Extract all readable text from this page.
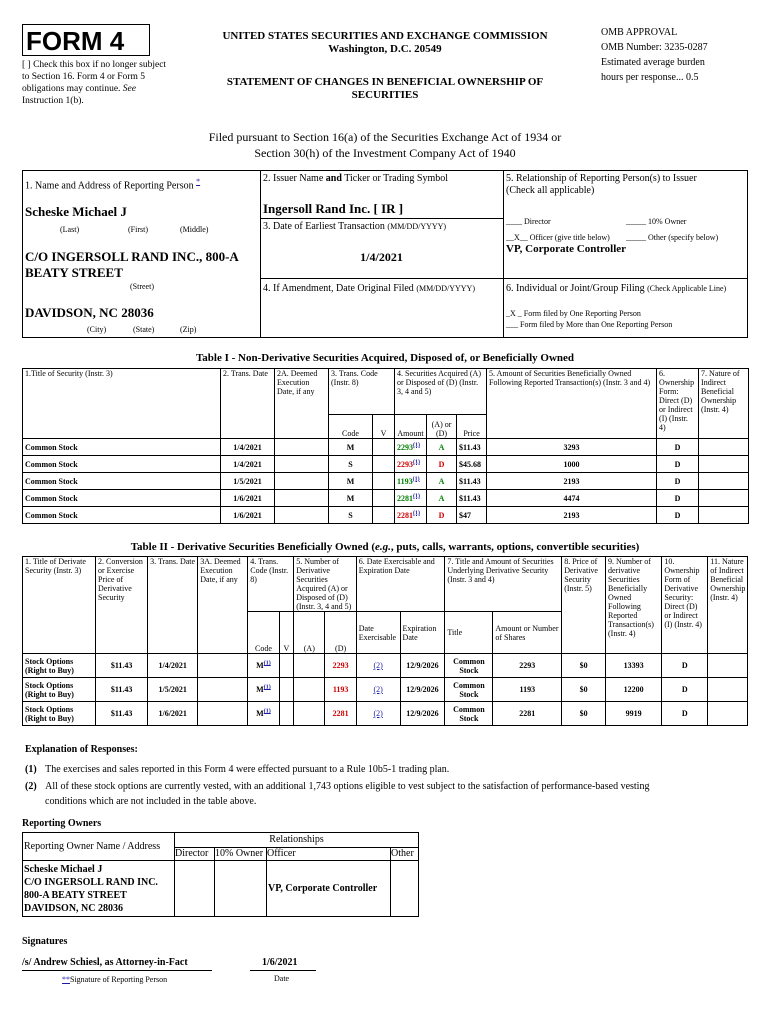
FORM 4
[ ] Check this box if no longer subject to Section 16. Form 4 or Form 5 obligations may continue. See Instruction 1(b).
UNITED STATES SECURITIES AND EXCHANGE COMMISSION
Washington, D.C. 20549
STATEMENT OF CHANGES IN BENEFICIAL OWNERSHIP OF
SECURITIES
OMB APPROVAL
OMB Number: 3235-0287
Estimated average burden
hours per response... 0.5
Filed pursuant to Section 16(a) of the Securities Exchange Act of 1934 or
Section 30(h) of the Investment Company Act of 1940
1. Name and Address of Reporting Person *
Scheske Michael J
(Last)	(First)	(Middle)
C/O INGERSOLL RAND INC., 800-A
BEATY STREET
(Street)
DAVIDSON, NC 28036
(City)	(State)	(Zip)
2. Issuer Name and Ticker or Trading Symbol
Ingersoll Rand Inc. [ IR ]
3. Date of Earliest Transaction (MM/DD/YYYY)
1/4/2021
4. If Amendment, Date Original Filed (MM/DD/YYYY)
5. Relationship of Reporting Person(s) to Issuer
(Check all applicable)
____ Director	_____ 10% Owner
__X__ Officer (give title below) _____ Other (specify below)
VP, Corporate Controller
6. Individual or Joint/Group Filing (Check Applicable Line)
_X _ Form filed by One Reporting Person
___ Form filed by More than One Reporting Person
Table I - Non-Derivative Securities Acquired, Disposed of, or Beneficially Owned
1.Title of Security (Instr. 3)	2. Trans. Date	2A. Deemed Execution Date, if any	3. Trans. Code (Instr. 8)		4. Securities Acquired (A) or Disposed of (D) (Instr. 3, 4 and 5)			5. Amount of Securities Beneficially Owned Following Reported Transaction(s) (Instr. 3 and 4)	6. Ownership Form: Direct (D) or Indirect (I) (Instr. 4)	7. Nature of Indirect Beneficial Ownership (Instr. 4)
			Code	V	Amount	(A) or (D)	Price			
Common Stock	1/4/2021		M		2293$^{(1)}$	A	$11.43	3293	D	
Common Stock	1/4/2021		S		2293$^{(1)}$	D	$45.68	1000	D	
Common Stock	1/5/2021		M		1193$^{(1)}$	A	$11.43	2193	D	
Common Stock	1/6/2021		M		2281$^{(1)}$	A	$11.43	4474	D	
Common Stock	1/6/2021		S		2281$^{(1)}$	D	$47	2193	D	
Table II - Derivative Securities Beneficially Owned (e.g., puts, calls, warrants, options, convertible securities)
1. Title of Derivate Security (Instr. 3)	2. Conversion or Exercise Price of Derivative Security	3. Trans. Date	3A. Deemed Execution Date, if any	4. Trans. Code (Instr. 8)		5. Number of Derivative Securities Acquired (A) or Disposed of (D) (Instr. 3, 4 and 5)		6. Date Exercisable and Expiration Date		7. Title and Amount of Securities Underlying Derivative Security (Instr. 3 and 4)		8. Price of Derivative Security (Instr. 5)	9. Number of derivative Securities Beneficially Owned Following Reported Transaction(s) (Instr. 4)	10. Ownership Form of Derivative Security: Direct (D) or Indirect (I) (Instr. 4)	11. Nature of Indirect Beneficial Ownership (Instr. 4)
				Code	V	(A)	(D)	Date Exercisable	Expiration Date	Title	Amount or Number of Shares				
Stock Options (Right to Buy)	$11.43	1/4/2021		$M^{(1)}$			2293	(2)	12/9/2026	Common Stock	2293	$0	13393	D	
Stock Options (Right to Buy)	$11.43	1/5/2021		$M^{(1)}$			1193	(2)	12/9/2026	Common Stock	1193	$0	12200	D	
Stock Options (Right to Buy)	$11.43	1/6/2021		$M^{(1)}$			2281	(2)	12/9/2026	Common Stock	2281	$0	9919	D	
Explanation of Responses:
(1) The exercises and sales reported in this Form 4 were effected pursuant to a Rule 10b5-1 trading plan.
(2) All of these stock options are currently vested, with an additional 1,743 options eligible to vest subject to the satisfaction of performance-based vesting
conditions which are not included in the table above.
Reporting Owners
Reporting Owner Name / Address	Relationships			
	Director	10% Owner	Officer	Other

Scheske Michael J
C/O INGERSOLL RAND INC.
800-A BEATY STREET
DAVIDSON, NC 28036			VP, Corporate Controller	
Signatures
/s/ Andrew Schiesl, as Attorney-in-Fact	1/6/2021
**Signature of Reporting Person	Date
